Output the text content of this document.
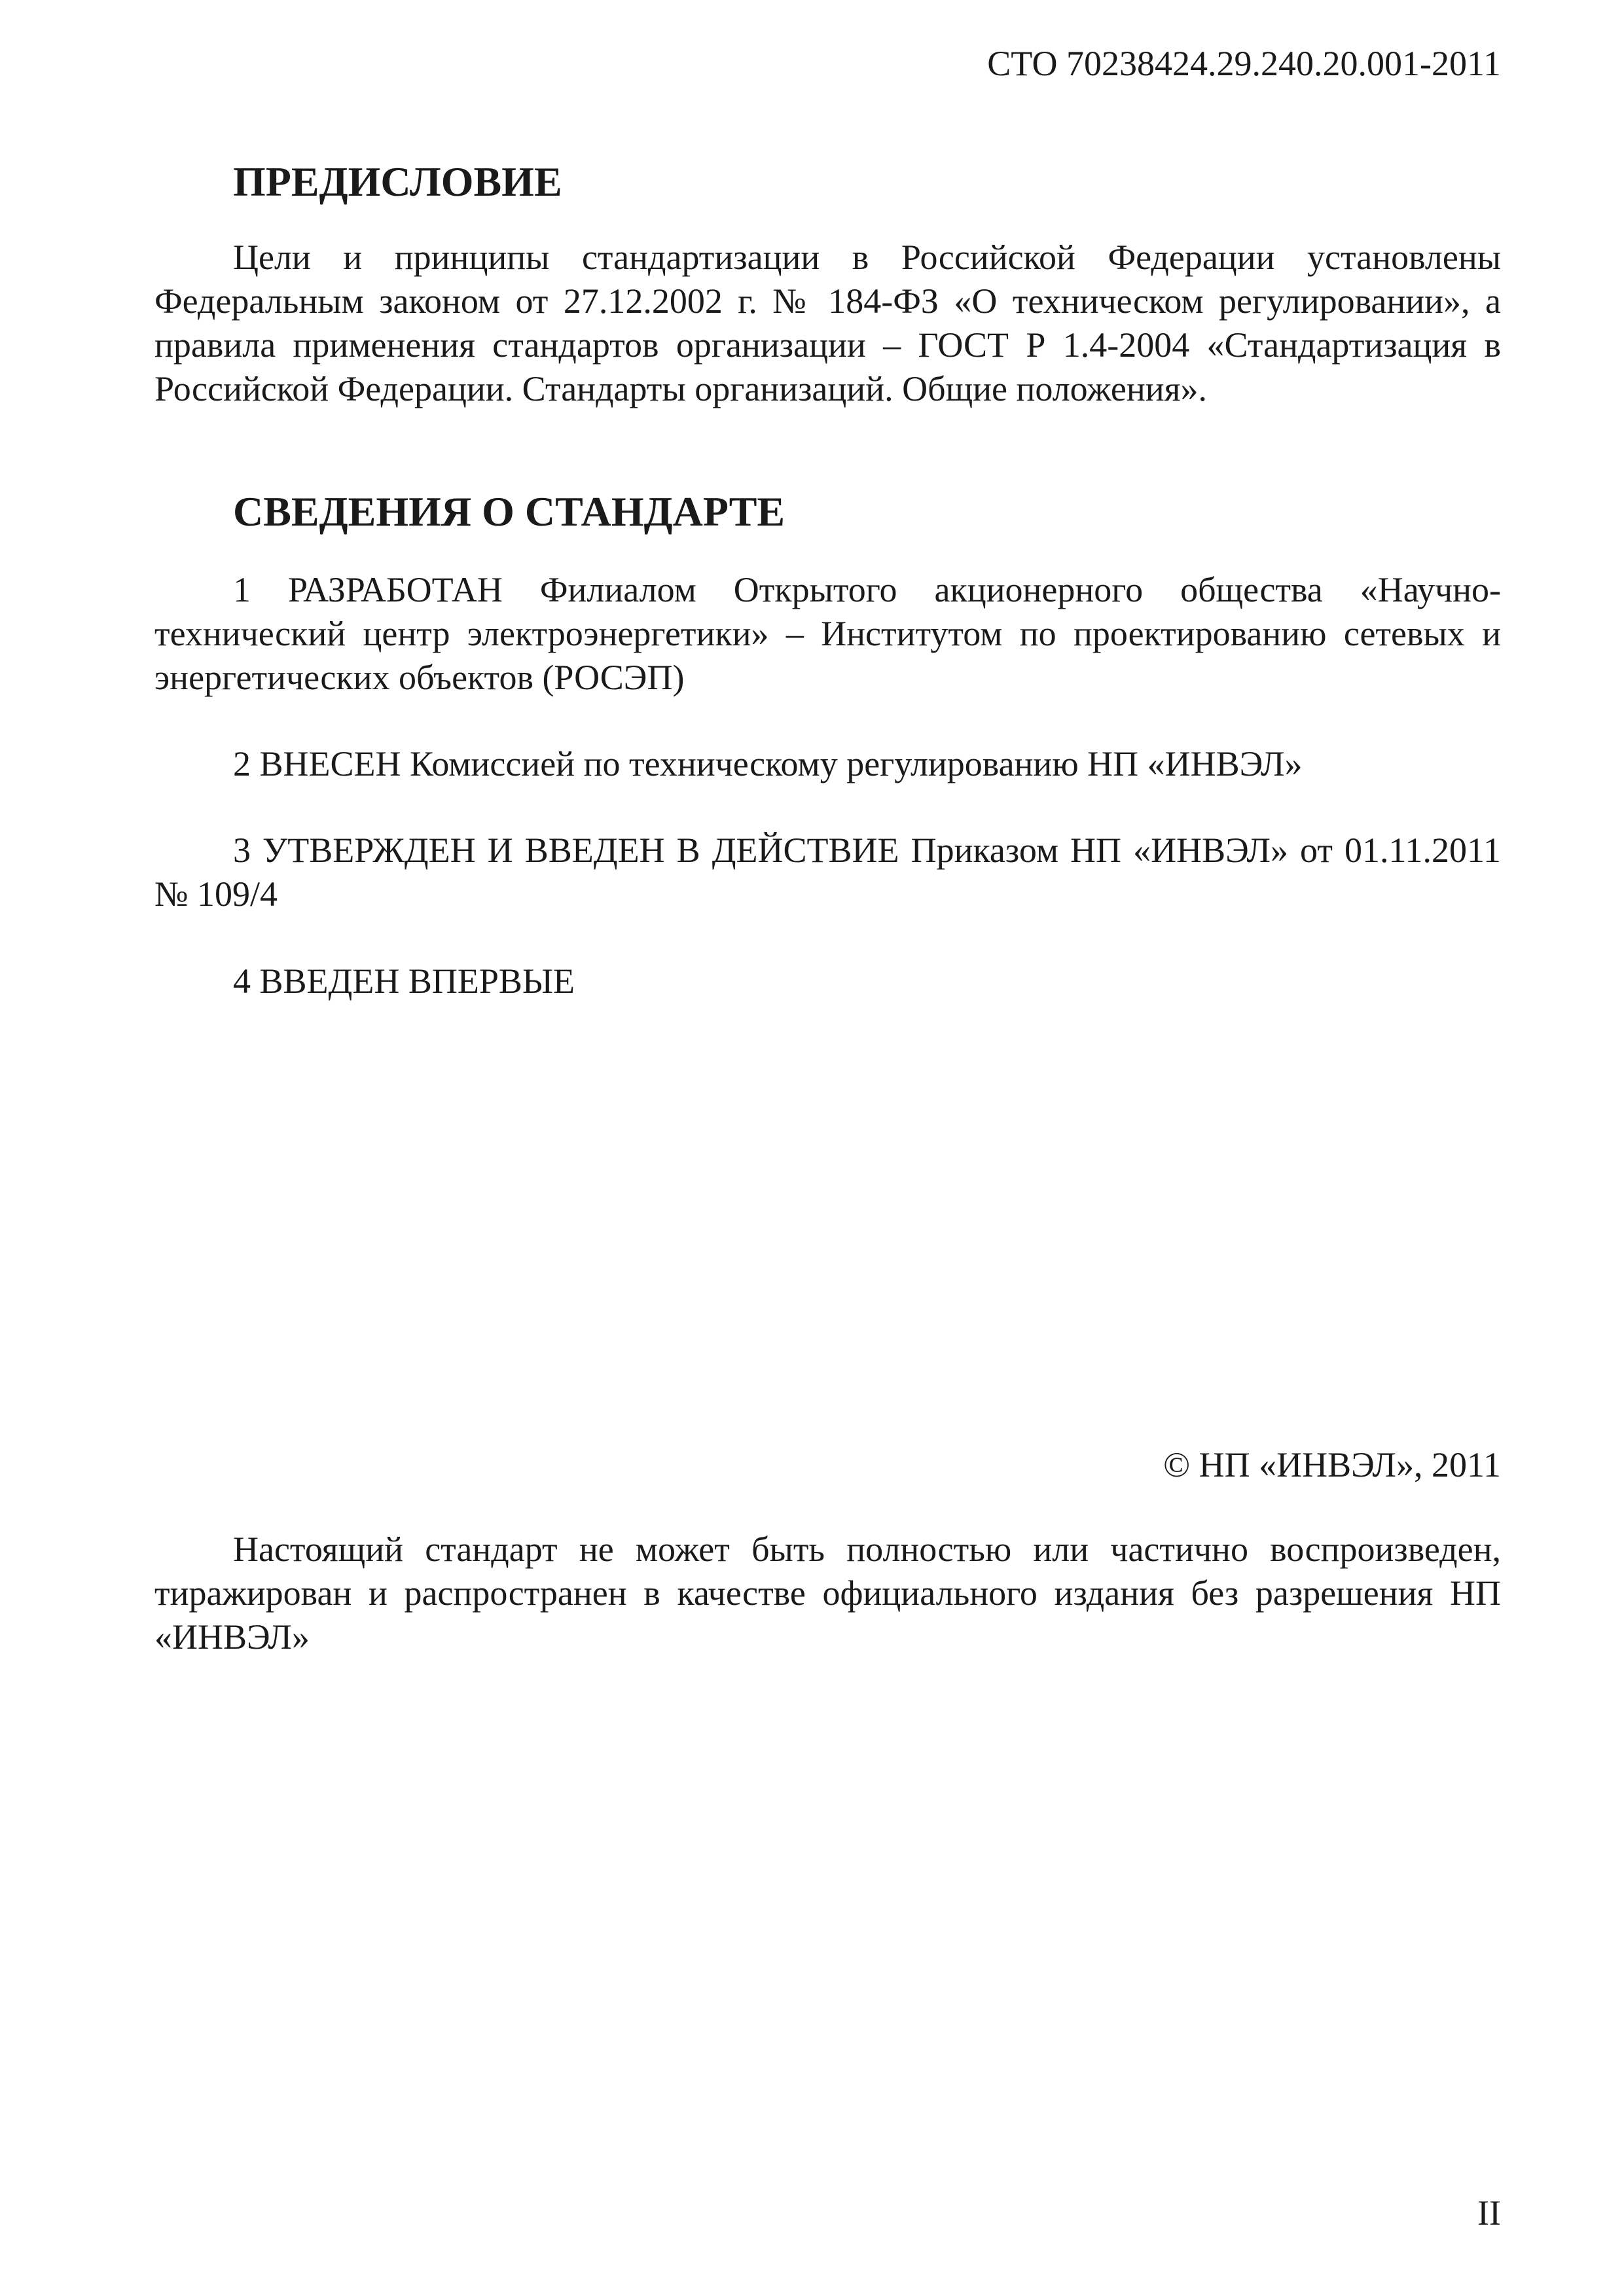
СТО 70238424.29.240.20.001-2011
ПРЕДИСЛОВИЕ

Цели и принципы стандартизации в Российской Федерации установлены Федеральным законом от 27.12.2002 г. № 184-ФЗ «О техническом регулировании», а правила применения стандартов организации – ГОСТ Р 1.4-2004 «Стандартизация в Российской Федерации. Стандарты организаций. Общие положения».

СВЕДЕНИЯ О СТАНДАРТЕ

1 РАЗРАБОТАН Филиалом Открытого акционерного общества «Научно-технический центр электроэнергетики» – Институтом по проектированию сетевых и энергетических объектов (РОСЭП)

2 ВНЕСЕН Комиссией по техническому регулированию НП «ИНВЭЛ»

3 УТВЕРЖДЕН И ВВЕДЕН В ДЕЙСТВИЕ Приказом НП «ИНВЭЛ» от 01.11.2011 № 109/4

4 ВВЕДЕН ВПЕРВЫЕ

© НП «ИНВЭЛ», 2011

Настоящий стандарт не может быть полностью или частично воспроизведен, тиражирован и распространен в качестве официального издания без разрешения НП «ИНВЭЛ»

II
